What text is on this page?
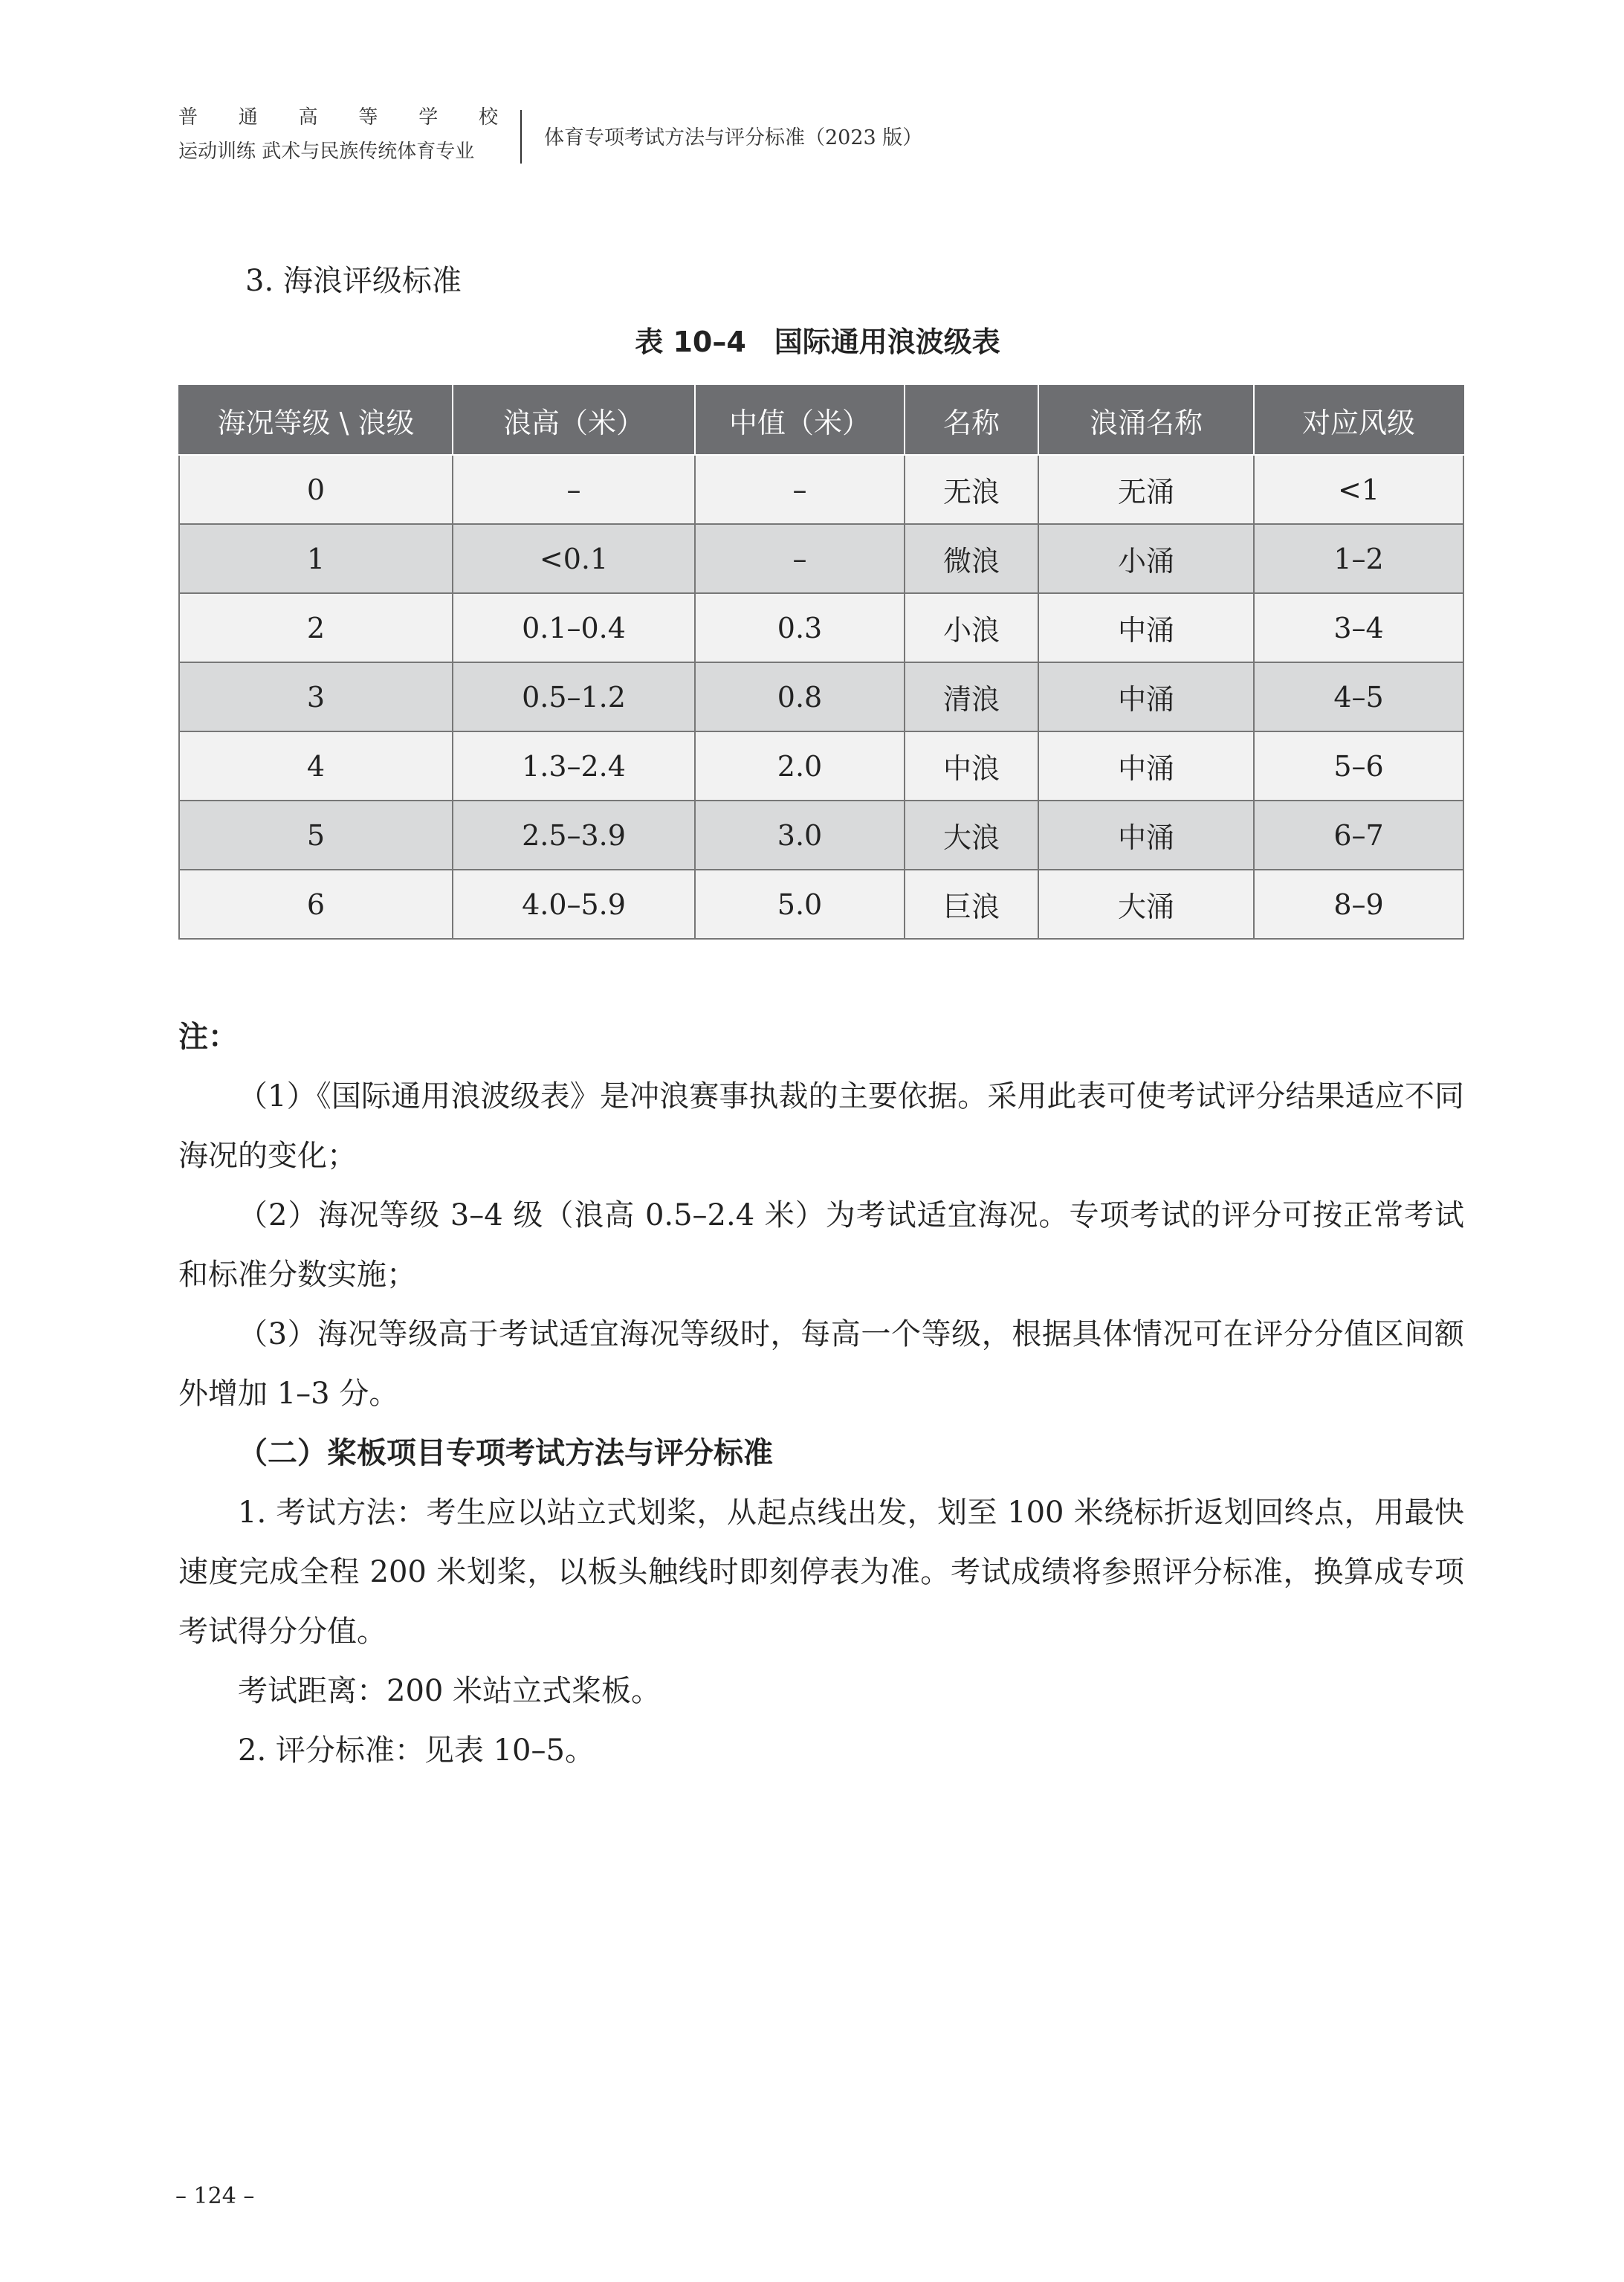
普 通 高 等 学 校
运动训练 武术与民族传统体育专业
体育专项考试方法与评分标准（2023 版）
3. 海浪评级标准
表 10–4　国际通用浪波级表
海况等级 \ 浪级	浪高（米）	中值（米）	名称	浪涌名称	对应风级
0	–	–	无浪	无涌	<1
1	<0.1	–	微浪	小涌	1–2
2	0.1–0.4	0.3	小浪	中涌	3–4
3	0.5–1.2	0.8	清浪	中涌	4–5
4	1.3–2.4	2.0	中浪	中涌	5–6
5	2.5–3.9	3.0	大浪	中涌	6–7
6	4.0–5.9	5.0	巨浪	大涌	8–9
注：

（1）《国际通用浪波级表》是冲浪赛事执裁的主要依据。采用此表可使考试评分结果适应不同海况的变化；

（2）海况等级 3–4 级（浪高 0.5–2.4 米）为考试适宜海况。专项考试的评分可按正常考试和标准分数实施；

（3）海况等级高于考试适宜海况等级时，每高一个等级，根据具体情况可在评分分值区间额外增加 1–3 分。

（二）桨板项目专项考试方法与评分标准

1. 考试方法：考生应以站立式划桨，从起点线出发，划至 100 米绕标折返划回终点，用最快速度完成全程 200 米划桨，以板头触线时即刻停表为准。考试成绩将参照评分标准，换算成专项考试得分分值。

考试距离：200 米站立式桨板。

2. 评分标准：见表 10–5。

– 124 –
